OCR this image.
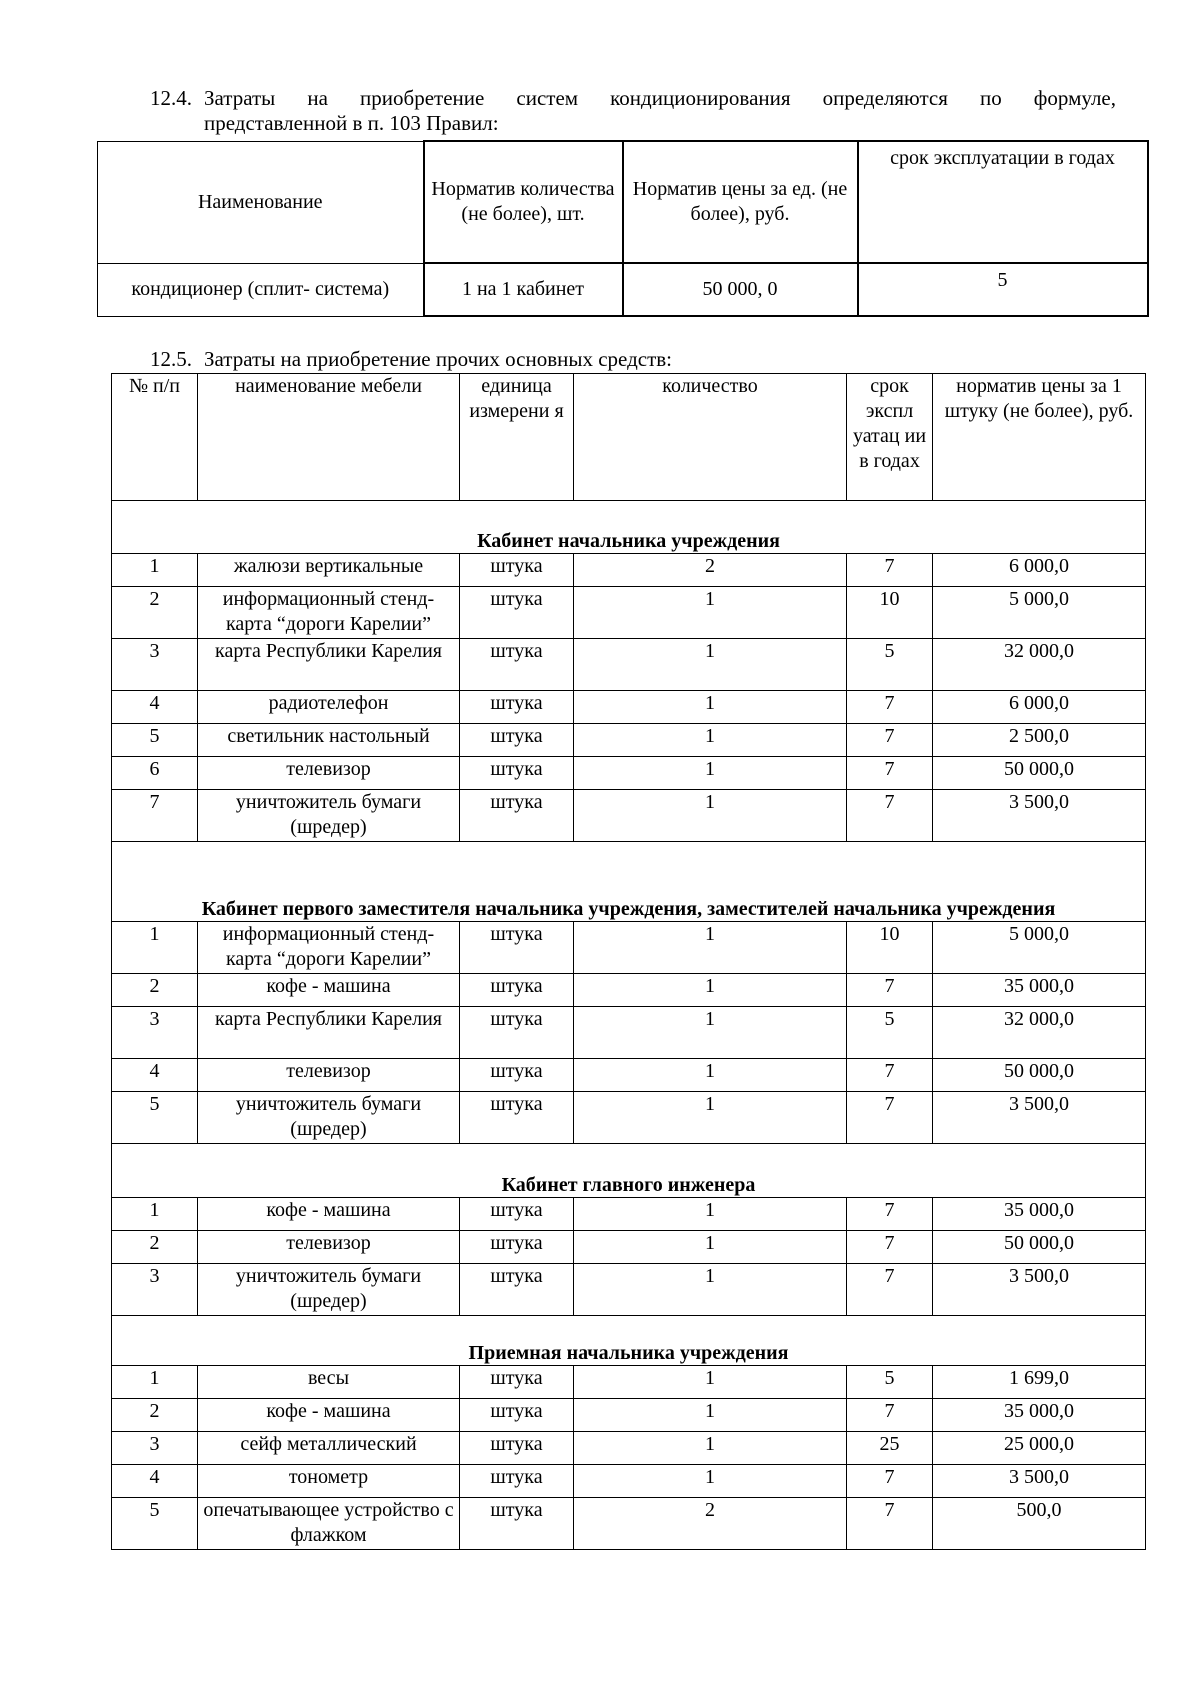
12.4. Затраты на приобретение систем кондиционирования определяются по формуле,
представленной в п. 103 Правил:
Наименование	Норматив количества (не более), шт.	Норматив цены за ед. (не более), руб.	срок эксплуатации в годах
кондиционер (сплит- система)	1 на 1 кабинет	50 000, 0	5
12.5. Затраты на приобретение прочих основных средств:
№ п/п	наименование мебели	единица измерени я	количество	срок экспл уатац ии в годах	норматив цены за 1 штуку (не более), руб.
Кабинет начальника учреждения					
1	жалюзи вертикальные	штука	2	7	6 000,0
2	информационный стенд-карта “дороги Карелии”	штука	1	10	5 000,0
3	карта Республики Карелия	штука	1	5	32 000,0
4	радиотелефон	штука	1	7	6 000,0
5	светильник настольный	штука	1	7	2 500,0
6	телевизор	штука	1	7	50 000,0
7	уничтожитель бумаги (шредер)	штука	1	7	3 500,0
Кабинет первого заместителя начальника учреждения, заместителей начальника учреждения					
1	информационный стенд-карта “дороги Карелии”	штука	1	10	5 000,0
2	кофе - машина	штука	1	7	35 000,0
3	карта Республики Карелия	штука	1	5	32 000,0
4	телевизор	штука	1	7	50 000,0
5	уничтожитель бумаги (шредер)	штука	1	7	3 500,0
Кабинет главного инженера					
1	кофе - машина	штука	1	7	35 000,0
2	телевизор	штука	1	7	50 000,0
3	уничтожитель бумаги (шредер)	штука	1	7	3 500,0
Приемная начальника учреждения					
1	весы	штука	1	5	1 699,0
2	кофе - машина	штука	1	7	35 000,0
3	сейф металлический	штука	1	25	25 000,0
4	тонометр	штука	1	7	3 500,0
5	опечатывающее устройство с флажком	штука	2	7	500,0
